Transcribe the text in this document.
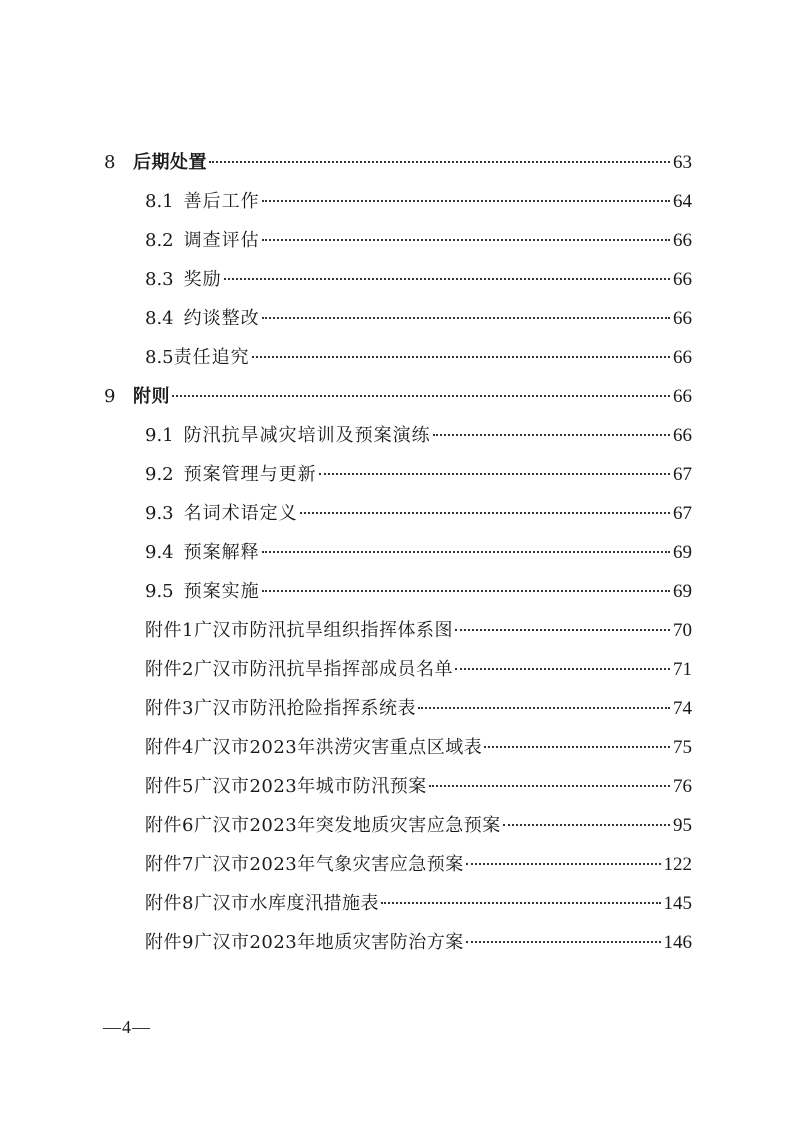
8 后期处置	63
8.1 善后工作	64
8.2 调查评估	66
8.3 奖励	66
8.4 约谈整改	66
8.5 责任追究	66
9 附则	66
9.1 防汛抗旱减灾培训及预案演练	66
9.2 预案管理与更新	67
9.3 名词术语定义	67
9.4 预案解释	69
9.5 预案实施	69
附件1广汉市防汛抗旱组织指挥体系图	70
附件2广汉市防汛抗旱指挥部成员名单	71
附件3广汉市防汛抢险指挥系统表	74
附件4广汉市2023年洪涝灾害重点区域表	75
附件5广汉市2023年城市防汛预案	76
附件6广汉市2023年突发地质灾害应急预案	95
附件7广汉市2023年气象灾害应急预案	122
附件8广汉市水库度汛措施表	145
附件9广汉市2023年地质灾害防治方案	146
—4—
